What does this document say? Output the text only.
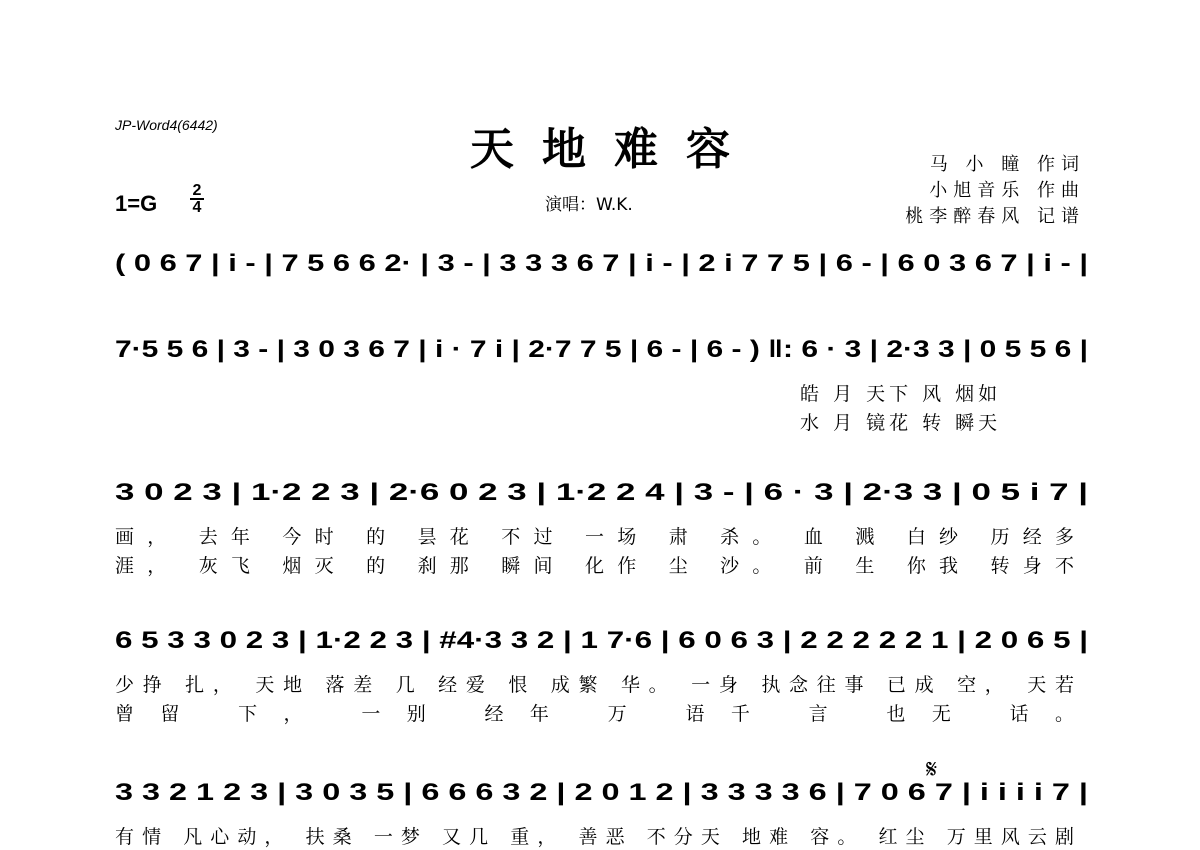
JP-Word4(6442)	天地难容
1=G
2
4	演唱：W.K.
马 小 瞳 作词
小旭音乐 作曲
桃李醉春风 记谱
( 0 6 7 | i - | 7 5 6 6 2· | 3 - | 3 3 3 6 7 | i - | 2 i 7 7 5 | 6 - | 6 0 3 6 7 | i - |
7·5 5 6 | 3 - | 3 0 3 6 7 | i · 7 i | 2·7 7 5 | 6 - | 6 - ) ‖: 6 · 3 | 2·3 3 | 0 5 5 6 |
皓 月 天下 风 烟如
水 月 镜花 转 瞬天
3 0 2 3 | 1·2 2 3 | 2·6 0 2 3 | 1·2 2 4 | 3 - | 6 · 3 | 2·3 3 | 0 5 i 7 |
画， 去年 今时 的 昙花 不过 一场 肃 杀。 血 溅 白纱 历经多
涯， 灰飞 烟灭 的 刹那 瞬间 化作 尘 沙。 前 生 你我 转身不
6 5 3 3 0 2 3 | 1·2 2 3 | #4·3 3 2 | 1 7·6 | 6 0 6 3 | 2 2 2 2 2 1 | 2 0 6 5 |
少挣 扎， 天地 落差 几 经爱 恨 成繁 华。 一身 执念往事 已成 空， 天若
曾留 下， 一别 经年 万 语千 言 也无 话。
3 3 2 1 2 3 | 3 0 3 5 | 6 6 6 3 2 | 2 0 1 2 | 3 3 3 3 6 | 7 0 6 7 | i i i i 7 |
有情 凡心动， 扶桑 一梦 又几 重， 善恶 不分天 地难 容。 红尘 万里风云剧
𝄋
